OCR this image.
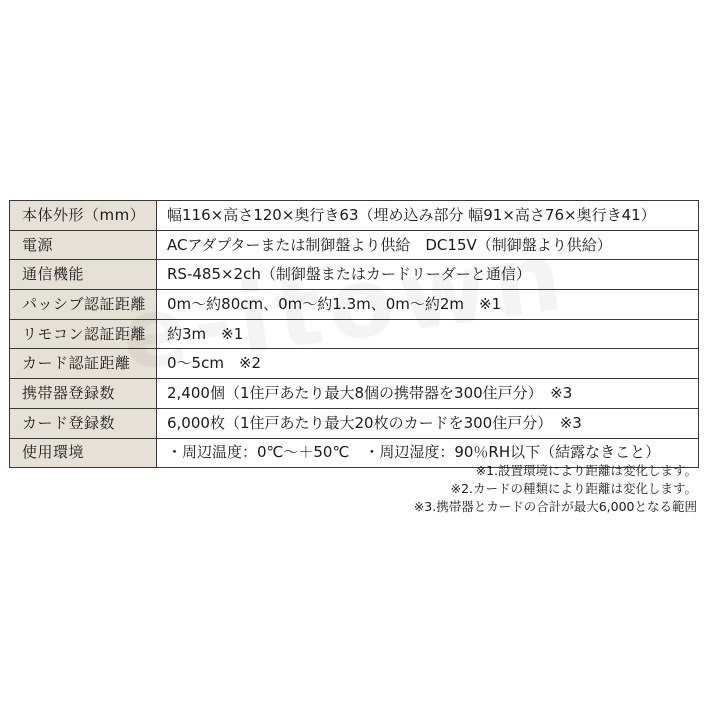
本体外形（mm）	幅116×高さ120×奥行き63（埋め込み部分 幅91×高さ76×奥行き41）
電源	ACアダプターまたは制御盤より供給　DC15V（制御盤より供給）
通信機能	RS-485×2ch（制御盤またはカードリーダーと通信）
パッシブ認証距離	0m～約80cm、0m～約1.3m、0m～約2m　※1
リモコン認証距離	約3m　※1
カード認証距離	0～5cm　※2
携帯器登録数	2,400個（1住戸あたり最大8個の携帯器を300住戸分）　※3
カード登録数	6,000枚（1住戸あたり最大20枚のカードを300住戸分）　※3
使用環境	・周辺温度：0℃～＋50℃　・周辺湿度：90％RH以下（結露なきこと）
※1.設置環境により距離は変化します。
※2.カードの種類により距離は変化します。
※3.携帯器とカードの合計が最大6,000となる範囲
